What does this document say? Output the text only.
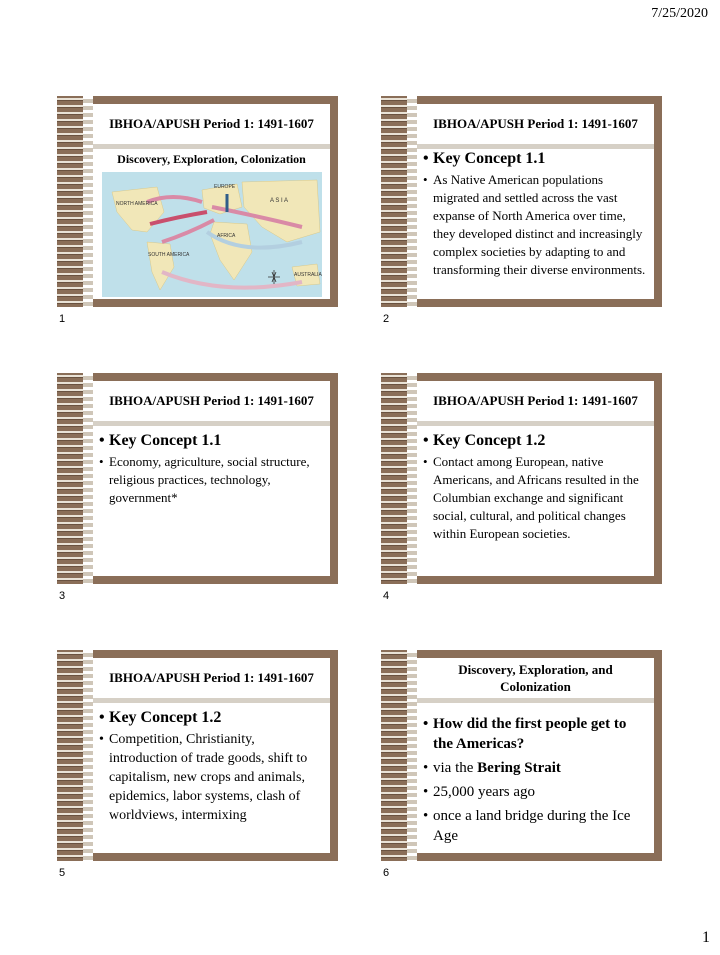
7/25/2020
IBHOA/APUSH Period 1: 1491-1607
Discovery, Exploration, Colonization
NORTH AMERICA
SOUTH AMERICA
EUROPE
A S I A
AFRICA
AUSTRALIA
1
IBHOA/APUSH Period 1: 1491-1607
• Key Concept 1.1
• As Native American populations migrated and settled across the vast expanse of North America over time, they developed distinct and increasingly complex societies by adapting to and transforming their diverse environments.
2
IBHOA/APUSH Period 1: 1491-1607
• Key Concept 1.1
• Economy, agriculture, social structure, religious practices, technology, government*
3
IBHOA/APUSH Period 1: 1491-1607
• Key Concept 1.2
• Contact among European, native Americans, and Africans resulted in the Columbian exchange and significant social, cultural, and political changes within European societies.
4
IBHOA/APUSH Period 1: 1491-1607
• Key Concept 1.2
• Competition, Christianity, introduction of trade goods, shift to capitalism, new crops and animals, epidemics, labor systems, clash of worldviews, intermixing
5
Discovery, Exploration, and Colonization
• How did the first people get to the Americas?
• via the Bering Strait
• 25,000 years ago
• once a land bridge during the Ice Age
6
1
